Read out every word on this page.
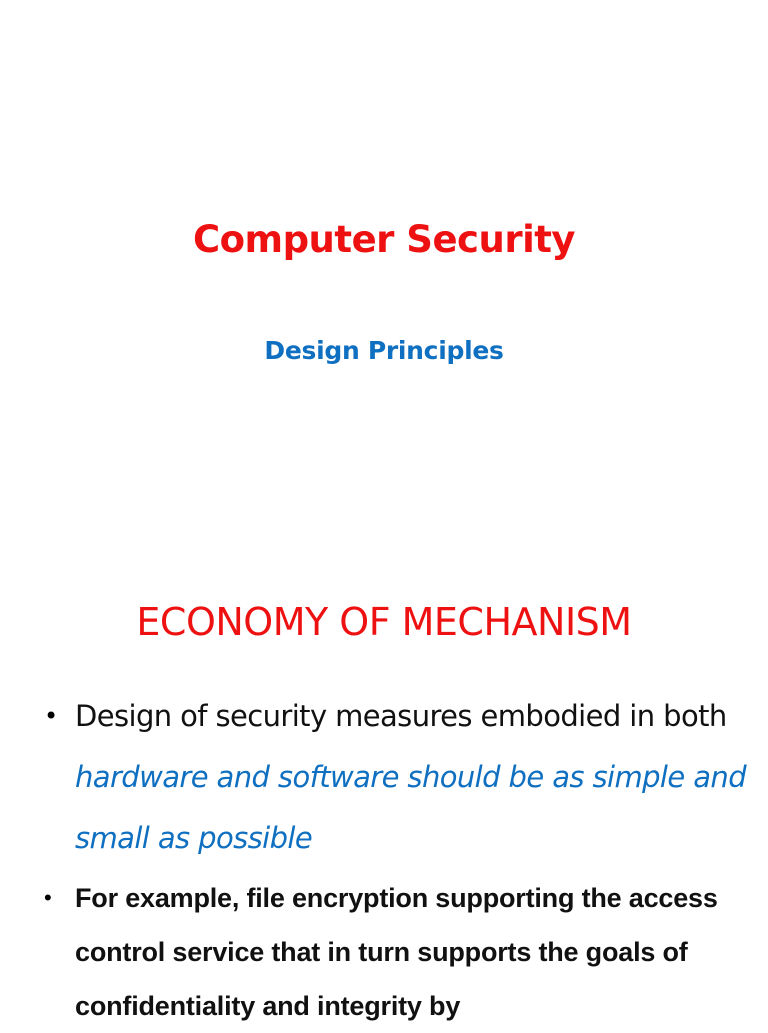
Computer Security
Design Principles
ECONOMY OF MECHANISM
• Design of security measures embodied in both hardware and software should be as simple and small as possible
• For example, file encryption supporting the access control service that in turn supports the goals of confidentiality and integrity by
